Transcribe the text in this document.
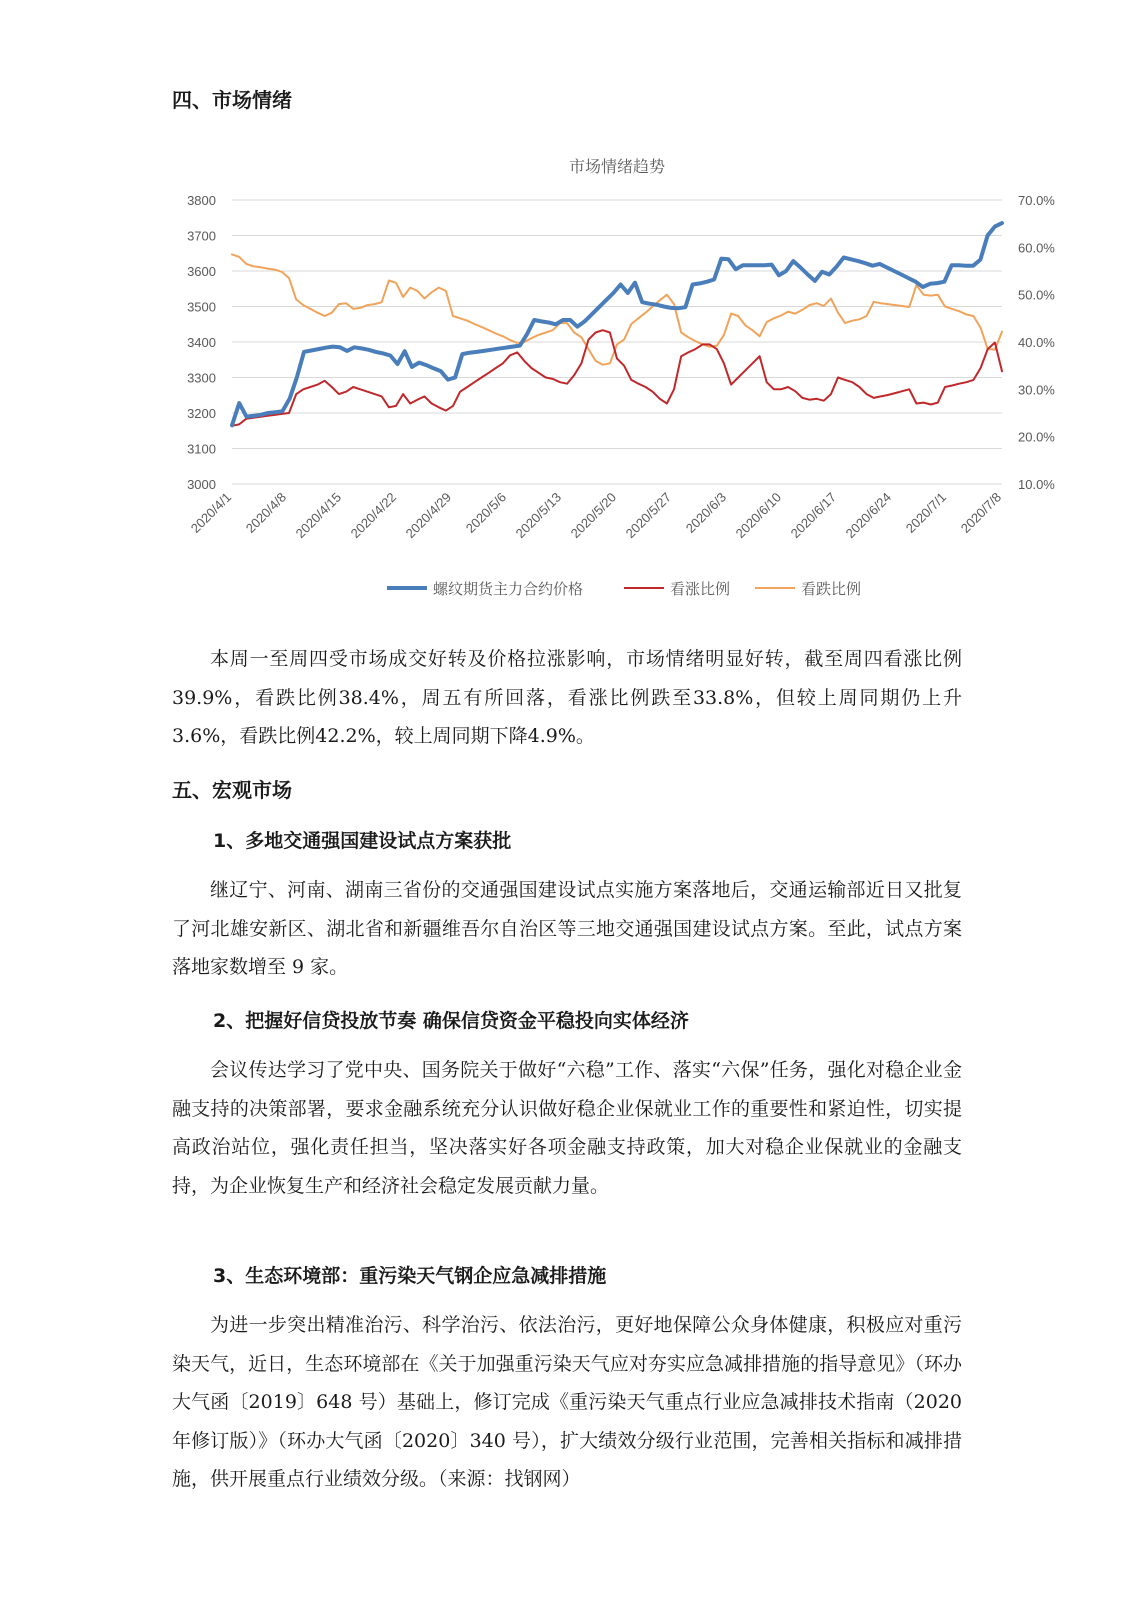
四、市场情绪
市场情绪趋势
3000
3100
3200
3300
3400
3500
3600
3700
3800
10.0%
20.0%
30.0%
40.0%
50.0%
60.0%
70.0%
2020/4/1 2020/4/8 2020/4/15 2020/4/22 2020/4/29 2020/5/6 2020/5/13 2020/5/20 2020/5/27 2020/6/3 2020/6/10 2020/6/17 2020/6/24 2020/7/1 2020/7/8
螺纹期货主力合约价格	看涨比例	看跌比例

本周一至周四受市场成交好转及价格拉涨影响，市场情绪明显好转，截至周四看涨比例39.9%，看跌比例38.4%，周五有所回落，看涨比例跌至33.8%，但较上周同期仍上升3.6%，看跌比例42.2%，较上周同期下降4.9%。

五、宏观市场
1、多地交通强国建设试点方案获批

继辽宁、河南、湖南三省份的交通强国建设试点实施方案落地后，交通运输部近日又批复了河北雄安新区、湖北省和新疆维吾尔自治区等三地交通强国建设试点方案。至此，试点方案落地家数增至 9 家。

2、把握好信贷投放节奏 确保信贷资金平稳投向实体经济

会议传达学习了党中央、国务院关于做好“六稳”工作、落实“六保”任务，强化对稳企业金融支持的决策部署，要求金融系统充分认识做好稳企业保就业工作的重要性和紧迫性，切实提高政治站位，强化责任担当，坚决落实好各项金融支持政策，加大对稳企业保就业的金融支持，为企业恢复生产和经济社会稳定发展贡献力量。

3、生态环境部：重污染天气钢企应急减排措施

为进一步突出精准治污、科学治污、依法治污，更好地保障公众身体健康，积极应对重污染天气，近日，生态环境部在《关于加强重污染天气应对夯实应急减排措施的指导意见》（环办大气函〔2019〕648 号）基础上，修订完成《重污染天气重点行业应急减排技术指南（2020 年修订版）》（环办大气函〔2020〕340 号），扩大绩效分级行业范围，完善相关指标和减排措施，供开展重点行业绩效分级。（来源：找钢网）
